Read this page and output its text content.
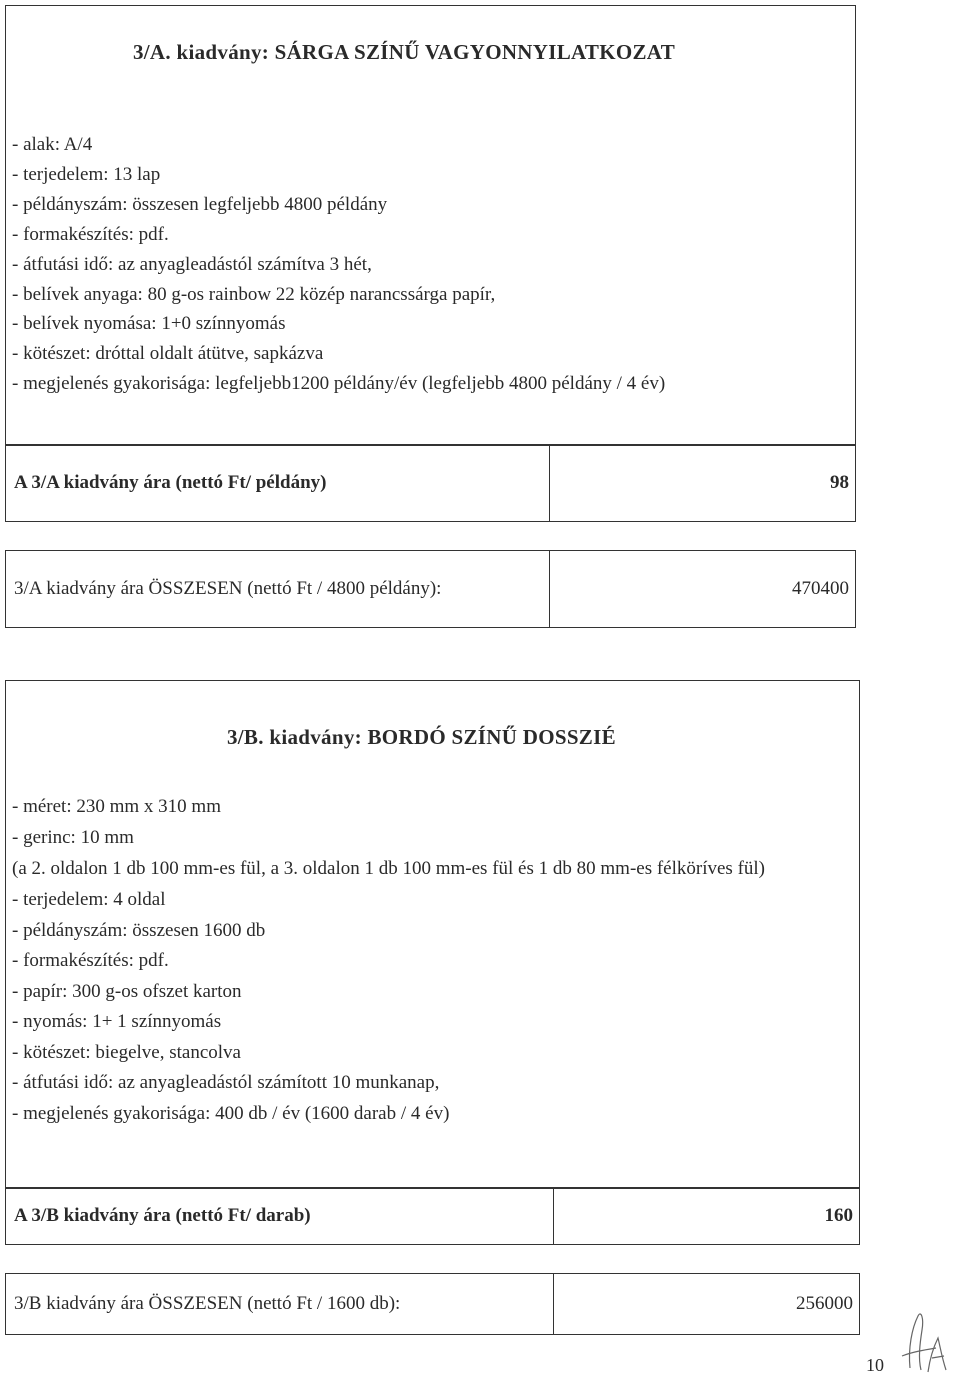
3/A. kiadvány: SÁRGA SZÍNŰ VAGYONNYILATKOZAT
- alak: A/4
- terjedelem: 13 lap
- példányszám: összesen legfeljebb 4800 példány
- formakészítés: pdf.
- átfutási idő: az anyagleadástól számítva 3 hét,
- belívek anyaga: 80 g-os rainbow 22 közép narancssárga papír,
- belívek nyomása: 1+0 színnyomás
- kötészet: dróttal oldalt átütve, sapkázva
- megjelenés gyakorisága: legfeljebb1200 példány/év (legfeljebb 4800 példány / 4 év)
A 3/A kiadvány ára (nettó Ft/ példány)	98
3/A kiadvány ára ÖSSZESEN (nettó Ft / 4800 példány):	470400
3/B. kiadvány: BORDÓ SZÍNŰ DOSSZIÉ
- méret: 230 mm x 310 mm
- gerinc: 10 mm
(a 2. oldalon 1 db 100 mm-es fül, a 3. oldalon 1 db 100 mm-es fül és 1 db 80 mm-es félköríves fül)
- terjedelem: 4 oldal
- példányszám: összesen 1600 db
- formakészítés: pdf.
- papír: 300 g-os ofszet karton
- nyomás: 1+ 1 színnyomás
- kötészet: biegelve, stancolva
- átfutási idő: az anyagleadástól számított 10 munkanap,
- megjelenés gyakorisága: 400 db / év (1600 darab / 4 év)
A 3/B kiadvány ára (nettó Ft/ darab)	160
3/B kiadvány ára ÖSSZESEN (nettó Ft / 1600 db):	256000
10
